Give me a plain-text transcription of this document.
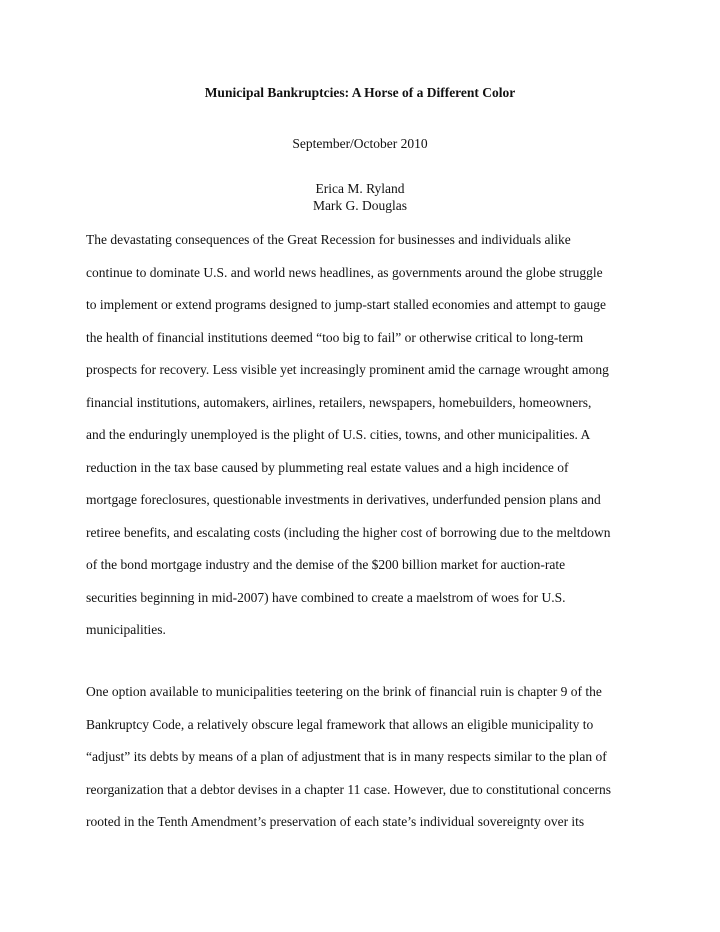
Municipal Bankruptcies: A Horse of a Different Color
September/October 2010
Erica M. Ryland
Mark G. Douglas
The devastating consequences of the Great Recession for businesses and individuals alike
continue to dominate U.S. and world news headlines, as governments around the globe struggle
to implement or extend programs designed to jump-start stalled economies and attempt to gauge
the health of financial institutions deemed “too big to fail” or otherwise critical to long-term
prospects for recovery. Less visible yet increasingly prominent amid the carnage wrought among
financial institutions, automakers, airlines, retailers, newspapers, homebuilders, homeowners,
and the enduringly unemployed is the plight of U.S. cities, towns, and other municipalities. A
reduction in the tax base caused by plummeting real estate values and a high incidence of
mortgage foreclosures, questionable investments in derivatives, underfunded pension plans and
retiree benefits, and escalating costs (including the higher cost of borrowing due to the meltdown
of the bond mortgage industry and the demise of the $200 billion market for auction-rate
securities beginning in mid-2007) have combined to create a maelstrom of woes for U.S.
municipalities.
One option available to municipalities teetering on the brink of financial ruin is chapter 9 of the
Bankruptcy Code, a relatively obscure legal framework that allows an eligible municipality to
“adjust” its debts by means of a plan of adjustment that is in many respects similar to the plan of
reorganization that a debtor devises in a chapter 11 case. However, due to constitutional concerns
rooted in the Tenth Amendment’s preservation of each state’s individual sovereignty over its
